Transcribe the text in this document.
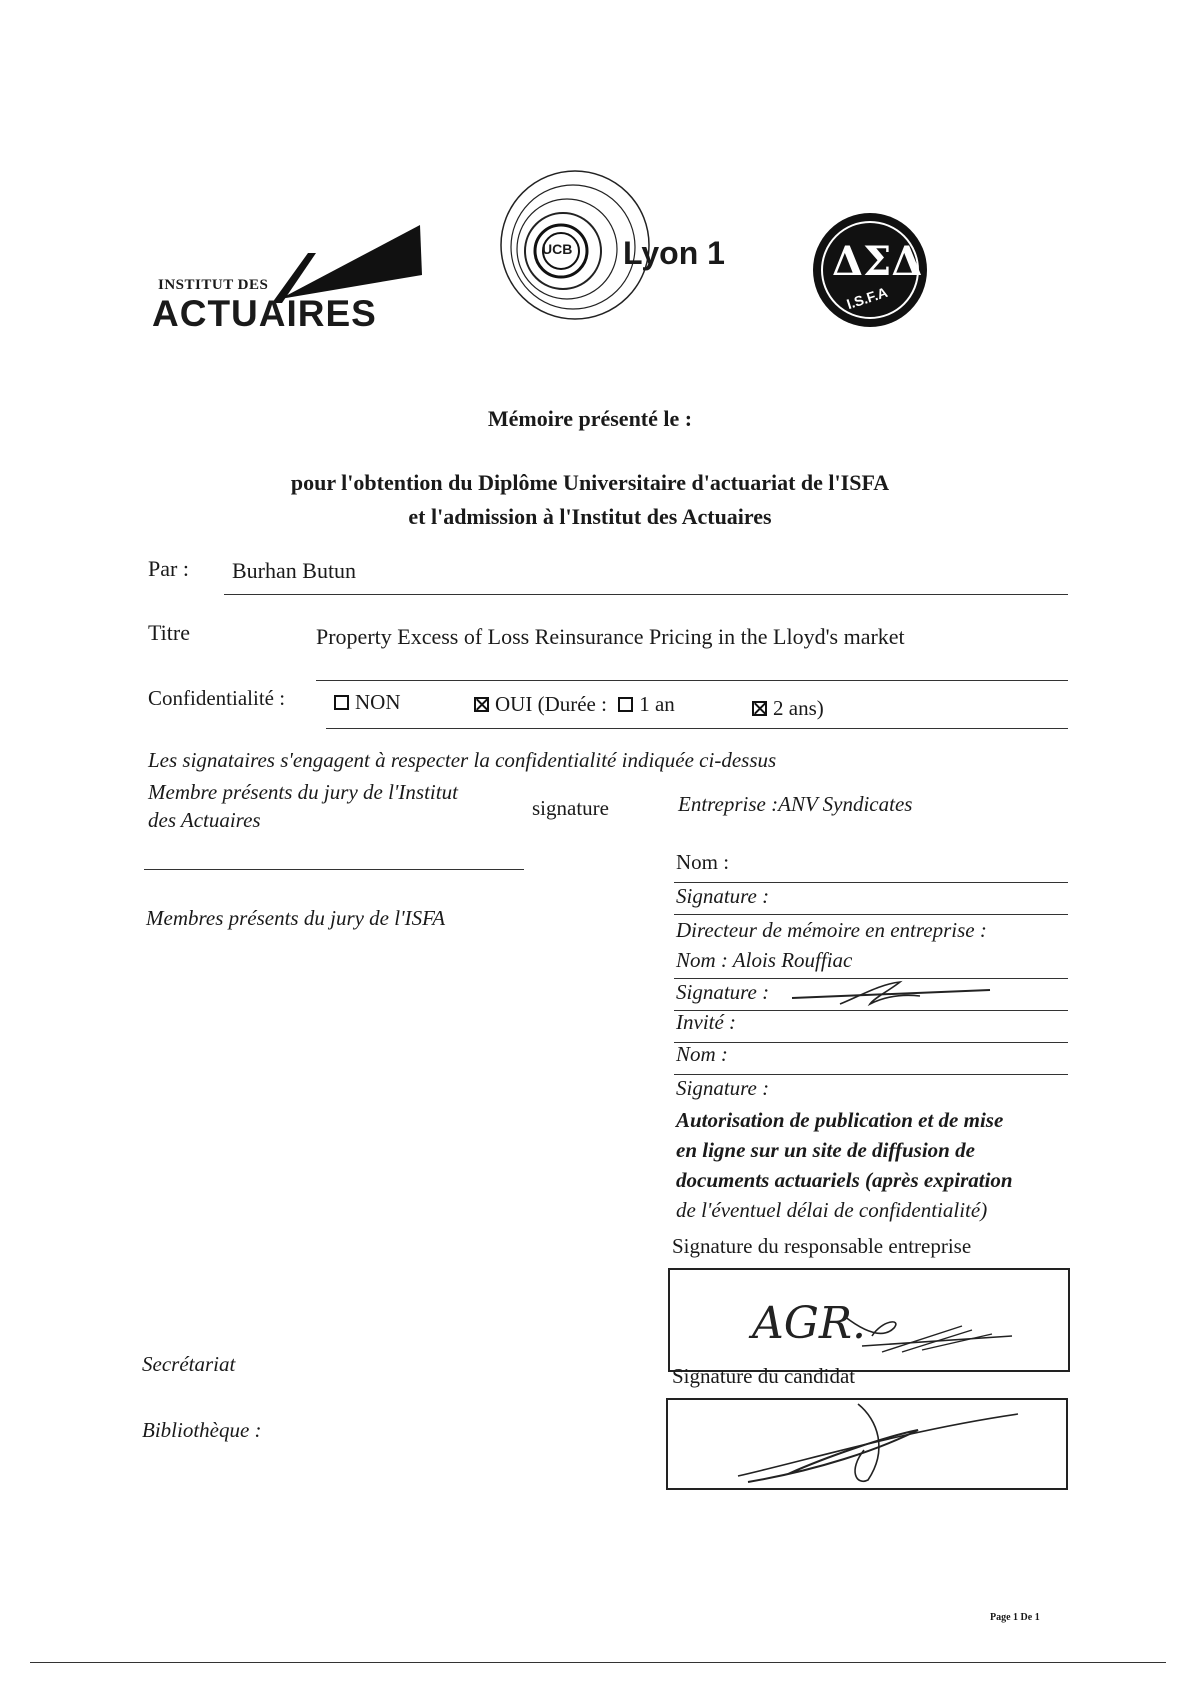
INSTITUT DES
ACTUAIRES
UCB Lyon 1	ΔΣΔ
I.S.F.A
Mémoire présenté le :
pour l'obtention du Diplôme Universitaire d'actuariat de l'ISFA
et l'admission à l'Institut des Actuaires
Par : Burhan Butun
Titre	Property Excess of Loss Reinsurance Pricing in the Lloyd's market
Confidentialité :	NON	OUI (Durée : 1 an	2 ans)
Les signataires s'engagent à respecter la confidentialité indiquée ci-dessus
Membre présents du jury de l'Institut
des Actuaires	signature
Membres présents du jury de l'ISFA
Secrétariat
Bibliothèque :
Entreprise :ANV Syndicates
Nom :
Signature :
Directeur de mémoire en entreprise :
Nom : Alois Rouffiac
Signature :
Invité :
Nom :
Signature :
Autorisation de publication et de mise
en ligne sur un site de diffusion de
documents actuariels (après expiration
de l'éventuel délai de confidentialité)
Signature du responsable entreprise
AGR.
Signature du candidat
Page 1 De 1
